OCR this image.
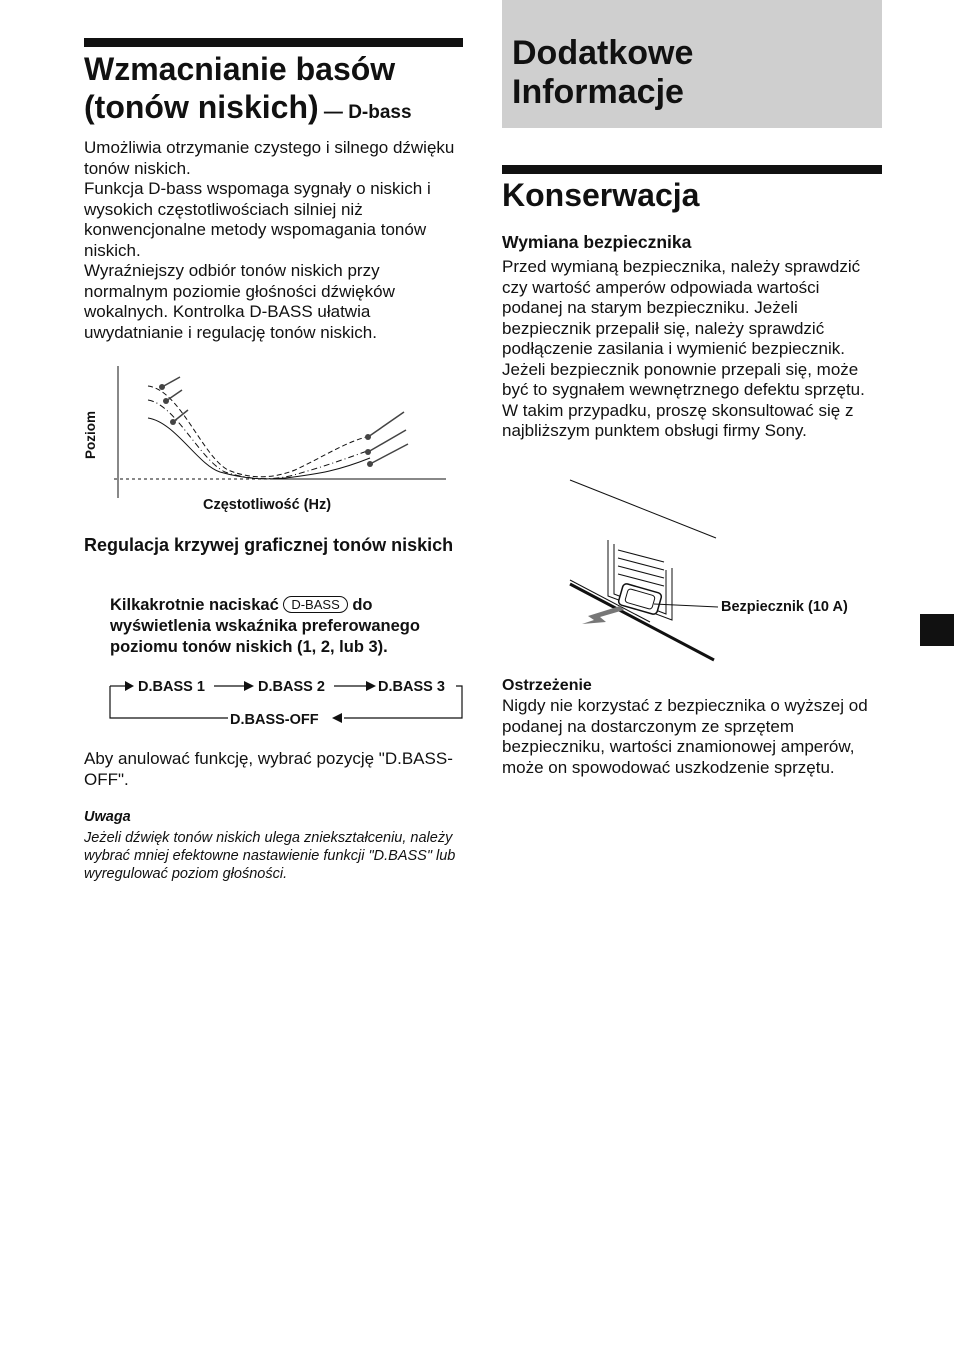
Wzmacnianie basów
(tonów niskich) — D-bass

Umożliwia otrzymanie czystego i silnego dźwięku tonów niskich.

Funkcja D-bass wspomaga sygnały o niskich i wysokich częstotliwościach silniej niż konwencjonalne metody wspomagania tonów niskich.

Wyraźniejszy odbiór tonów niskich przy normalnym poziomie głośności dźwięków wokalnych. Kontrolka D-BASS ułatwia uwydatnianie i regulację tonów niskich.

Poziom
Częstotliwość (Hz)
Regulacja krzywej graficznej tonów niskich
Kilkakrotnie naciskać D-BASS do wyświetlenia wskaźnika preferowanego poziomu tonów niskich (1, 2, lub 3).
D.BASS 1	D.BASS 2	D.BASS 3
D.BASS-OFF
Aby anulować funkcję, wybrać pozycję "D.BASS-OFF".
Uwaga
Jeżeli dźwięk tonów niskich ulega zniekształceniu, należy wybrać mniej efektowne nastawienie funkcji "D.BASS" lub wyregulować poziom głośności.
Dodatkowe
Informacje
Konserwacja
Wymiana bezpiecznika
Przed wymianą bezpiecznika, należy sprawdzić czy wartość amperów odpowiada wartości podanej na starym bezpieczniku. Jeżeli bezpiecznik przepalił się, należy sprawdzić podłączenie zasilania i wymienić bezpiecznik. Jeżeli bezpiecznik ponownie przepali się, może być to sygnałem wewnętrznego defektu sprzętu. W takim przypadku, proszę skonsultować się z najbliższym punktem obsługi firmy Sony.
Bezpiecznik (10 A)
Ostrzeżenie
Nigdy nie korzystać z bezpiecznika o wyższej od podanej na dostarczonym ze sprzętem bezpieczniku, wartości znamionowej amperów, może on spowodować uszkodzenie sprzętu.
